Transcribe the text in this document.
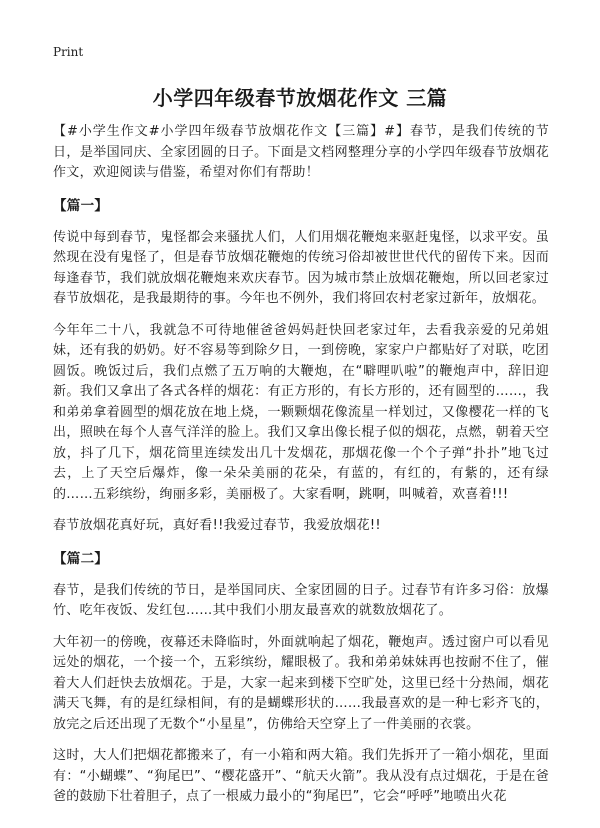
Print
小学四年级春节放烟花作文 三篇

【#小学生作文#小学四年级春节放烟花作文【三篇】#】春节，是我们传统的节日，是举国同庆、全家团圆的日子。下面是文档网整理分享的小学四年级春节放烟花作文，欢迎阅读与借鉴，希望对你们有帮助！

【篇一】

传说中每到春节，鬼怪都会来骚扰人们，人们用烟花鞭炮来驱赶鬼怪，以求平安。虽然现在没有鬼怪了，但是春节放烟花鞭炮的传统习俗却被世世代代的留传下来。因而每逢春节，我们就放烟花鞭炮来欢庆春节。因为城市禁止放烟花鞭炮，所以回老家过春节放烟花，是我最期待的事。今年也不例外，我们将回农村老家过新年，放烟花。

今年年二十八，我就急不可待地催爸爸妈妈赶快回老家过年，去看我亲爱的兄弟姐妹，还有我的奶奶。好不容易等到除夕日，一到傍晚，家家户户都贴好了对联，吃团圆饭。晚饭过后，我们点燃了五万响的大鞭炮，在“噼哩叭啦”的鞭炮声中，辞旧迎新。我们又拿出了各式各样的烟花：有正方形的，有长方形的，还有圆型的……，我和弟弟拿着圆型的烟花放在地上烧，一颗颗烟花像流星一样划过，又像樱花一样的飞出，照映在每个人喜气洋洋的脸上。我们又拿出像长棍子似的烟花，点燃，朝着天空放，抖了几下，烟花筒里连续发出几十发烟花，那烟花像一个个子弹“扑扑”地飞过去，上了天空后爆炸，像一朵朵美丽的花朵，有蓝的，有红的，有紫的，还有绿的……五彩缤纷，绚丽多彩，美丽极了。大家看啊，跳啊，叫喊着，欢喜着!!!

春节放烟花真好玩，真好看!!我爱过春节，我爱放烟花!!

【篇二】

春节，是我们传统的节日，是举国同庆、全家团圆的日子。过春节有许多习俗：放爆竹、吃年夜饭、发红包……其中我们小朋友最喜欢的就数放烟花了。

大年初一的傍晚，夜幕还未降临时，外面就响起了烟花，鞭炮声。透过窗户可以看见远处的烟花，一个接一个，五彩缤纷，耀眼极了。我和弟弟妹妹再也按耐不住了，催着大人们赶快去放烟花。于是，大家一起来到楼下空旷处，这里已经十分热闹，烟花满天飞舞，有的是红绿相间，有的是蝴蝶形状的……我最喜欢的是一种七彩齐飞的，放完之后还出现了无数个“小星星”，仿佛给天空穿上了一件美丽的衣裳。

这时，大人们把烟花都搬来了，有一小箱和两大箱。我们先拆开了一箱小烟花，里面有：“小蝴蝶”、“狗尾巴”、“樱花盛开”、“航天火箭”。我从没有点过烟花，于是在爸爸的鼓励下壮着胆子，点了一根威力最小的“狗尾巴”，它会“呼呼”地喷出火花
